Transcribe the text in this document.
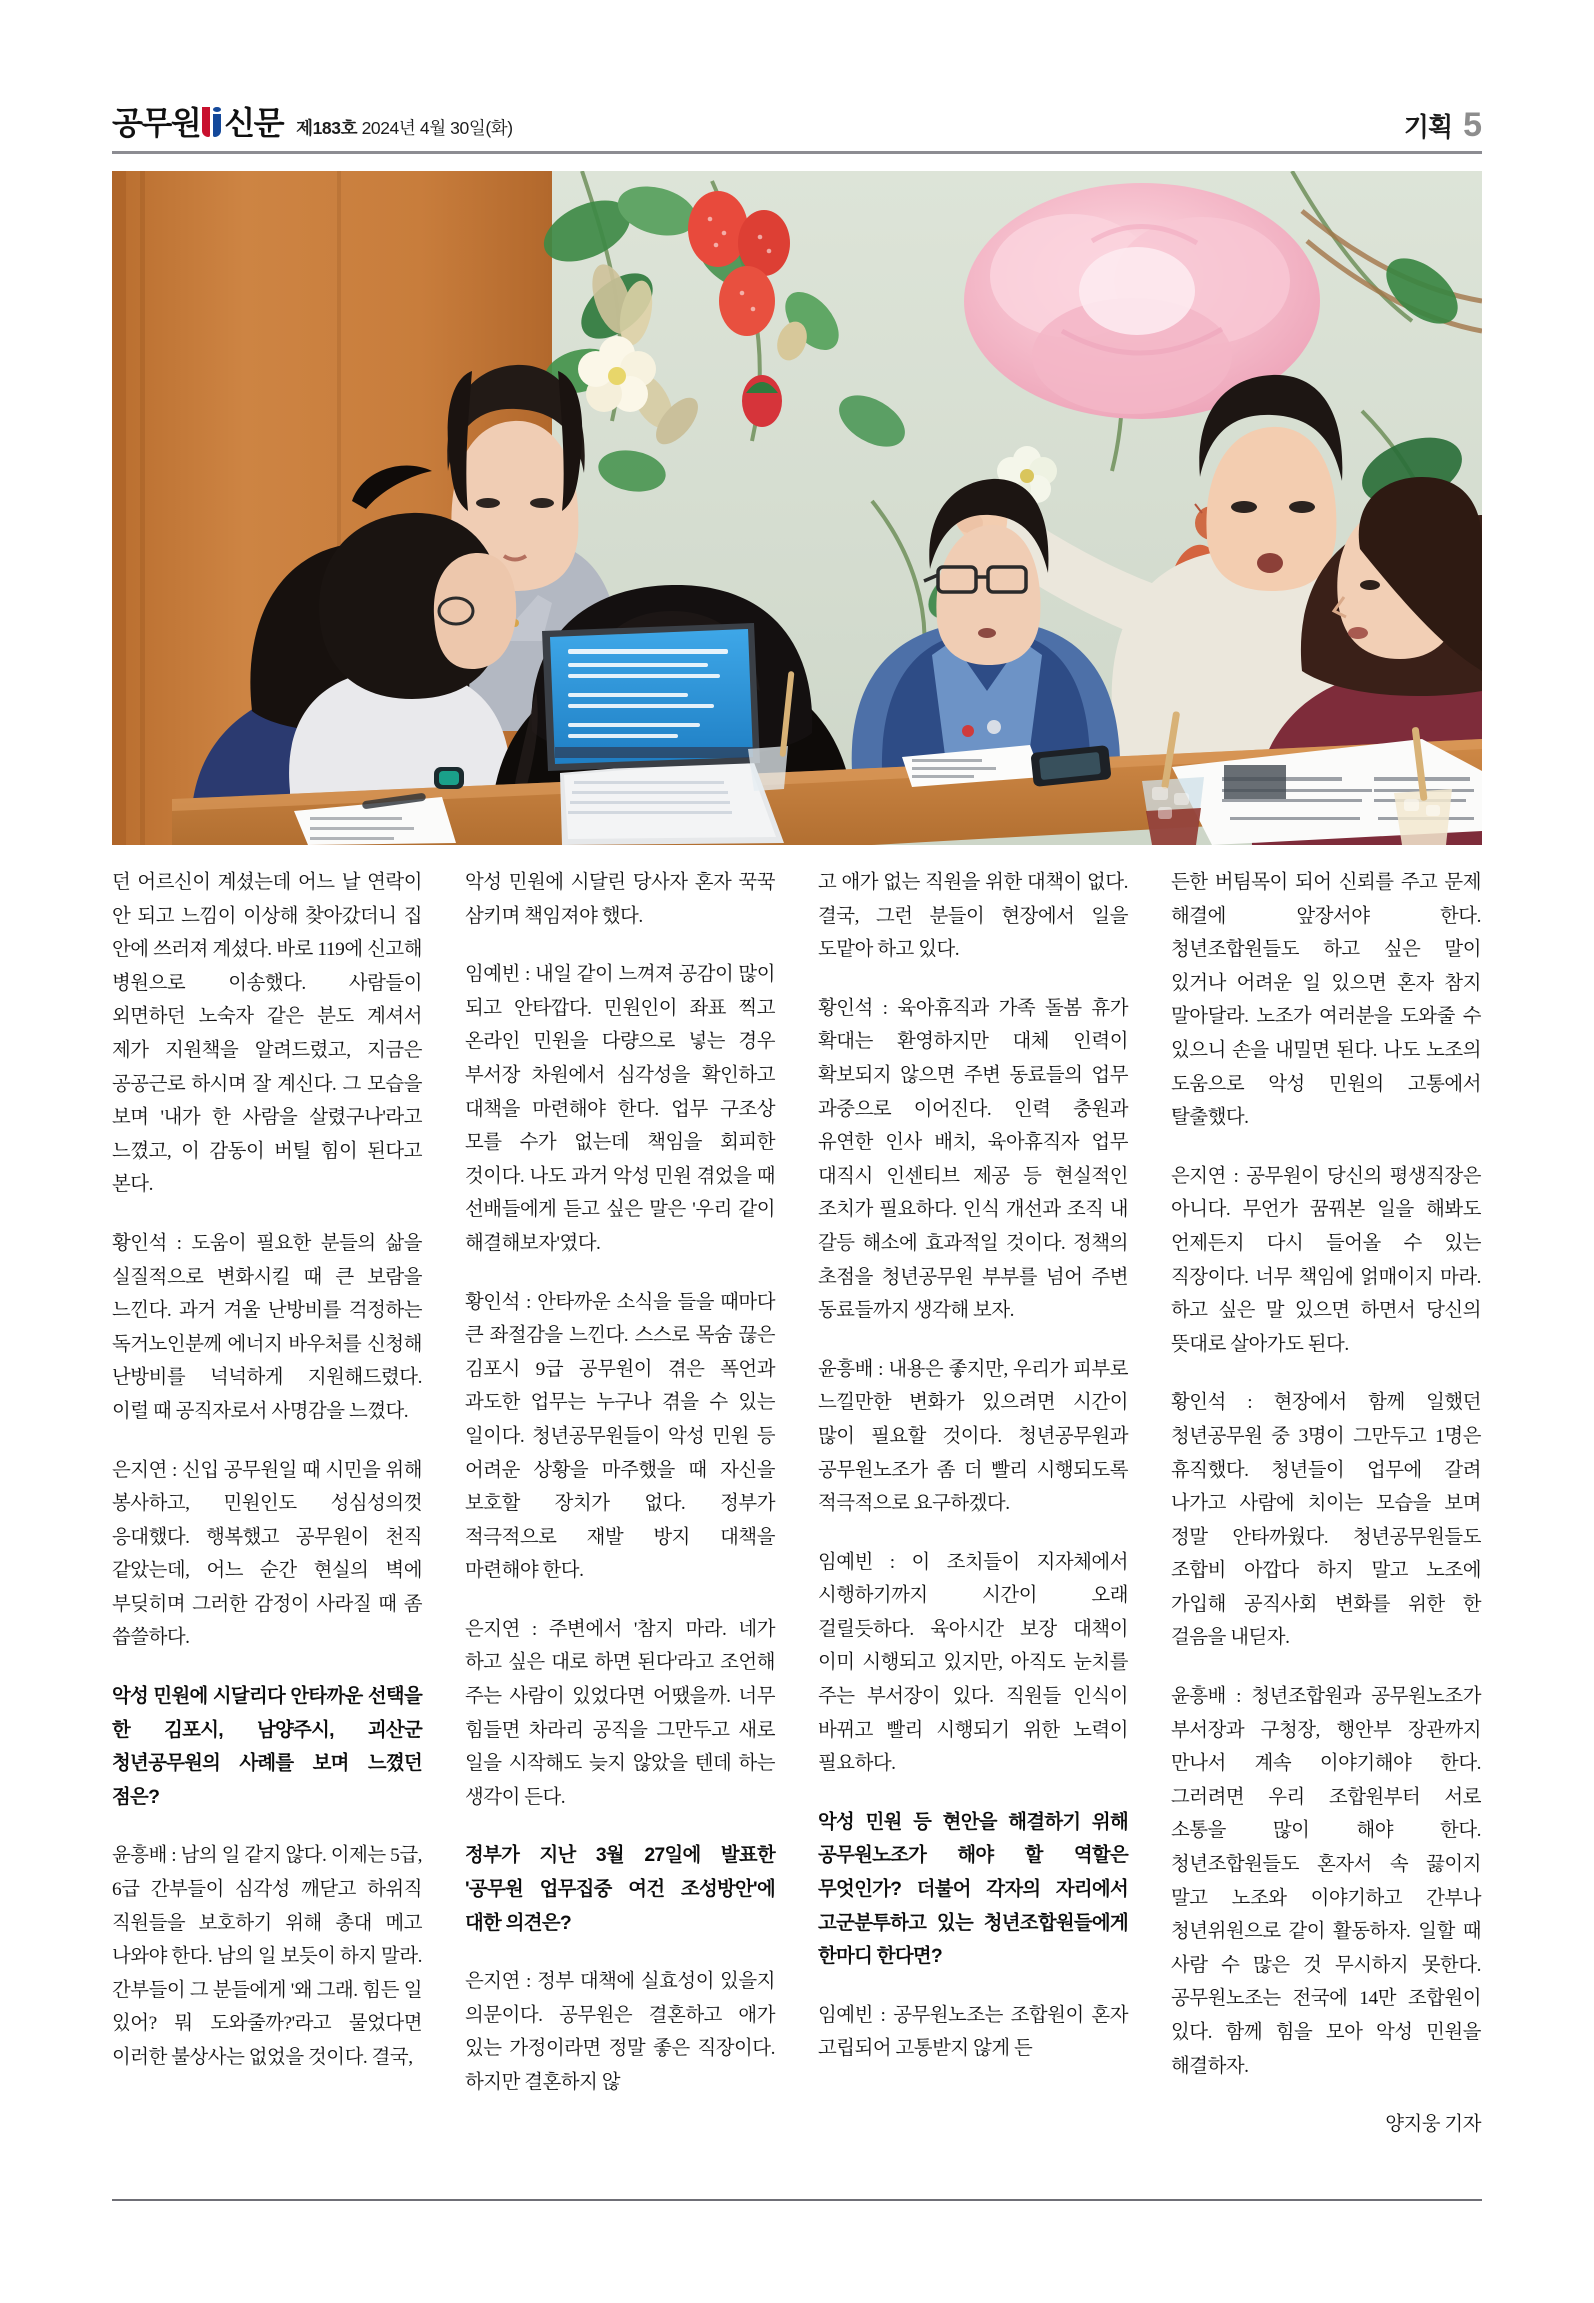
공무원 신문 제183호 2024년 4월 30일(화)	기획 5

던 어르신이 계셨는데 어느 날 연락이 안 되고 느낌이 이상해 찾아갔더니 집 안에 쓰러져 계셨다. 바로 119에 신고해 병원으로 이송했다. 사람들이 외면하던 노숙자 같은 분도 계셔서 제가 지원책을 알려드렸고, 지금은 공공근로 하시며 잘 계신다. 그 모습을 보며 '내가 한 사람을 살렸구나'라고 느꼈고, 이 감동이 버틸 힘이 된다고 본다.

황인석 : 도움이 필요한 분들의 삶을 실질적으로 변화시킬 때 큰 보람을 느낀다. 과거 겨울 난방비를 걱정하는 독거노인분께 에너지 바우처를 신청해 난방비를 넉넉하게 지원해드렸다. 이럴 때 공직자로서 사명감을 느꼈다.

은지연 : 신입 공무원일 때 시민을 위해 봉사하고, 민원인도 성심성의껏 응대했다. 행복했고 공무원이 천직 같았는데, 어느 순간 현실의 벽에 부딪히며 그러한 감정이 사라질 때 좀 씁쓸하다.

악성 민원에 시달리다 안타까운 선택을 한 김포시, 남양주시, 괴산군 청년공무원의 사례를 보며 느꼈던 점은?

윤흥배 : 남의 일 같지 않다. 이제는 5급, 6급 간부들이 심각성 깨닫고 하위직 직원들을 보호하기 위해 총대 메고 나와야 한다. 남의 일 보듯이 하지 말라. 간부들이 그 분들에게 '왜 그래. 힘든 일 있어? 뭐 도와줄까?'라고 물었다면 이러한 불상사는 없었을 것이다. 결국,

악성 민원에 시달린 당사자 혼자 꾹꾹 삼키며 책임져야 했다.

임예빈 : 내일 같이 느껴져 공감이 많이 되고 안타깝다. 민원인이 좌표 찍고 온라인 민원을 다량으로 넣는 경우 부서장 차원에서 심각성을 확인하고 대책을 마련해야 한다. 업무 구조상 모를 수가 없는데 책임을 회피한 것이다. 나도 과거 악성 민원 겪었을 때 선배들에게 듣고 싶은 말은 '우리 같이 해결해보자'였다.

황인석 : 안타까운 소식을 들을 때마다 큰 좌절감을 느낀다. 스스로 목숨 끊은 김포시 9급 공무원이 겪은 폭언과 과도한 업무는 누구나 겪을 수 있는 일이다. 청년공무원들이 악성 민원 등 어려운 상황을 마주했을 때 자신을 보호할 장치가 없다. 정부가 적극적으로 재발 방지 대책을 마련해야 한다.

은지연 : 주변에서 '참지 마라. 네가 하고 싶은 대로 하면 된다'라고 조언해 주는 사람이 있었다면 어땠을까. 너무 힘들면 차라리 공직을 그만두고 새로 일을 시작해도 늦지 않았을 텐데 하는 생각이 든다.

정부가 지난 3월 27일에 발표한 '공무원 업무집중 여건 조성방안'에 대한 의견은?

은지연 : 정부 대책에 실효성이 있을지 의문이다. 공무원은 결혼하고 애가 있는 가정이라면 정말 좋은 직장이다. 하지만 결혼하지 않

고 애가 없는 직원을 위한 대책이 없다. 결국, 그런 분들이 현장에서 일을 도맡아 하고 있다.

황인석 : 육아휴직과 가족 돌봄 휴가 확대는 환영하지만 대체 인력이 확보되지 않으면 주변 동료들의 업무 과중으로 이어진다. 인력 충원과 유연한 인사 배치, 육아휴직자 업무 대직시 인센티브 제공 등 현실적인 조치가 필요하다. 인식 개선과 조직 내 갈등 해소에 효과적일 것이다. 정책의 초점을 청년공무원 부부를 넘어 주변 동료들까지 생각해 보자.

윤흥배 : 내용은 좋지만, 우리가 피부로 느낄만한 변화가 있으려면 시간이 많이 필요할 것이다. 청년공무원과 공무원노조가 좀 더 빨리 시행되도록 적극적으로 요구하겠다.

임예빈 : 이 조치들이 지자체에서 시행하기까지 시간이 오래 걸릴듯하다. 육아시간 보장 대책이 이미 시행되고 있지만, 아직도 눈치를 주는 부서장이 있다. 직원들 인식이 바뀌고 빨리 시행되기 위한 노력이 필요하다.

악성 민원 등 현안을 해결하기 위해 공무원노조가 해야 할 역할은 무엇인가? 더불어 각자의 자리에서 고군분투하고 있는 청년조합원들에게 한마디 한다면?

임예빈 : 공무원노조는 조합원이 혼자 고립되어 고통받지 않게 든

든한 버팀목이 되어 신뢰를 주고 문제 해결에 앞장서야 한다. 청년조합원들도 하고 싶은 말이 있거나 어려운 일 있으면 혼자 참지 말아달라. 노조가 여러분을 도와줄 수 있으니 손을 내밀면 된다. 나도 노조의 도움으로 악성 민원의 고통에서 탈출했다.

은지연 : 공무원이 당신의 평생직장은 아니다. 무언가 꿈꿔본 일을 해봐도 언제든지 다시 들어올 수 있는 직장이다. 너무 책임에 얽매이지 마라. 하고 싶은 말 있으면 하면서 당신의 뜻대로 살아가도 된다.

황인석 : 현장에서 함께 일했던 청년공무원 중 3명이 그만두고 1명은 휴직했다. 청년들이 업무에 갈려 나가고 사람에 치이는 모습을 보며 정말 안타까웠다. 청년공무원들도 조합비 아깝다 하지 말고 노조에 가입해 공직사회 변화를 위한 한 걸음을 내딛자.

윤흥배 : 청년조합원과 공무원노조가 부서장과 구청장, 행안부 장관까지 만나서 계속 이야기해야 한다. 그러려면 우리 조합원부터 서로 소통을 많이 해야 한다. 청년조합원들도 혼자서 속 끓이지 말고 노조와 이야기하고 간부나 청년위원으로 같이 활동하자. 일할 때 사람 수 많은 것 무시하지 못한다. 공무원노조는 전국에 14만 조합원이 있다. 함께 힘을 모아 악성 민원을 해결하자.

양지웅 기자
